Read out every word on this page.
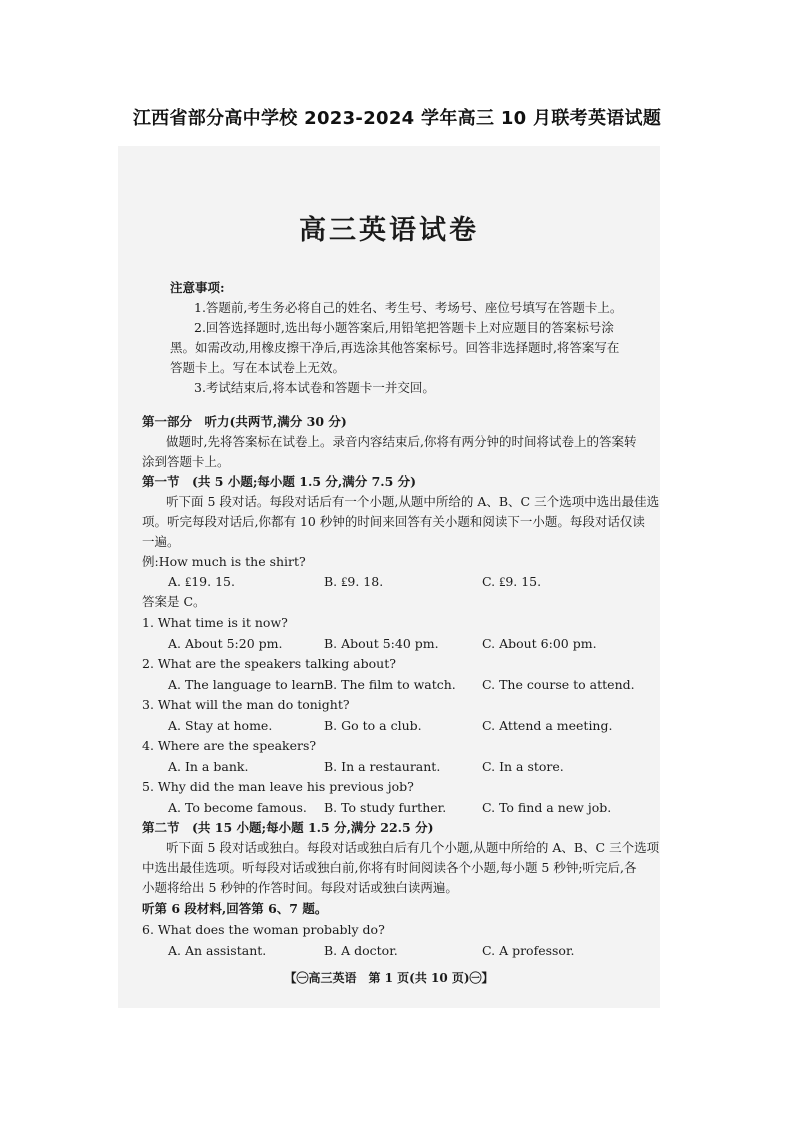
江西省部分高中学校 2023-2024 学年高三 10 月联考英语试题
高三英语试卷
注意事项:
1.答题前,考生务必将自己的姓名、考生号、考场号、座位号填写在答题卡上。
2.回答选择题时,选出每小题答案后,用铅笔把答题卡上对应题目的答案标号涂
黑。如需改动,用橡皮擦干净后,再选涂其他答案标号。回答非选择题时,将答案写在
答题卡上。写在本试卷上无效。
3.考试结束后,将本试卷和答题卡一并交回。
第一部分　听力(共两节,满分 30 分)
做题时,先将答案标在试卷上。录音内容结束后,你将有两分钟的时间将试卷上的答案转
涂到答题卡上。
第一节　(共 5 小题;每小题 1.5 分,满分 7.5 分)
听下面 5 段对话。每段对话后有一个小题,从题中所给的 A、B、C 三个选项中选出最佳选
项。听完每段对话后,你都有 10 秒钟的时间来回答有关小题和阅读下一小题。每段对话仅读
一遍。
例:How much is the shirt?
A. ₤19. 15.	B. ₤9. 18.	C. ₤9. 15.
答案是 C。
1. What time is it now?
A. About 5:20 pm.	B. About 5:40 pm.	C. About 6:00 pm.
2. What are the speakers talking about?
A. The language to learn.
B. The film to watch. C. The course to attend.
3. What will the man do tonight?
A. Stay at home.	B. Go to a club.	C. Attend a meeting.
4. Where are the speakers?
A. In a bank.	B. In a restaurant.	C. In a store.
5. Why did the man leave his previous job?
A. To become famous. B. To study further.	C. To find a new job.
第二节　(共 15 小题;每小题 1.5 分,满分 22.5 分)
听下面 5 段对话或独白。每段对话或独白后有几个小题,从题中所给的 A、B、C 三个选项
中选出最佳选项。听每段对话或独白前,你将有时间阅读各个小题,每小题 5 秒钟;听完后,各
小题将给出 5 秒钟的作答时间。每段对话或独白读两遍。
听第 6 段材料,回答第 6、7 题。
6. What does the woman probably do?
A. An assistant.	B. A doctor.	C. A professor.
【㊀高三英语　第 1 页(共 10 页)㊀】
